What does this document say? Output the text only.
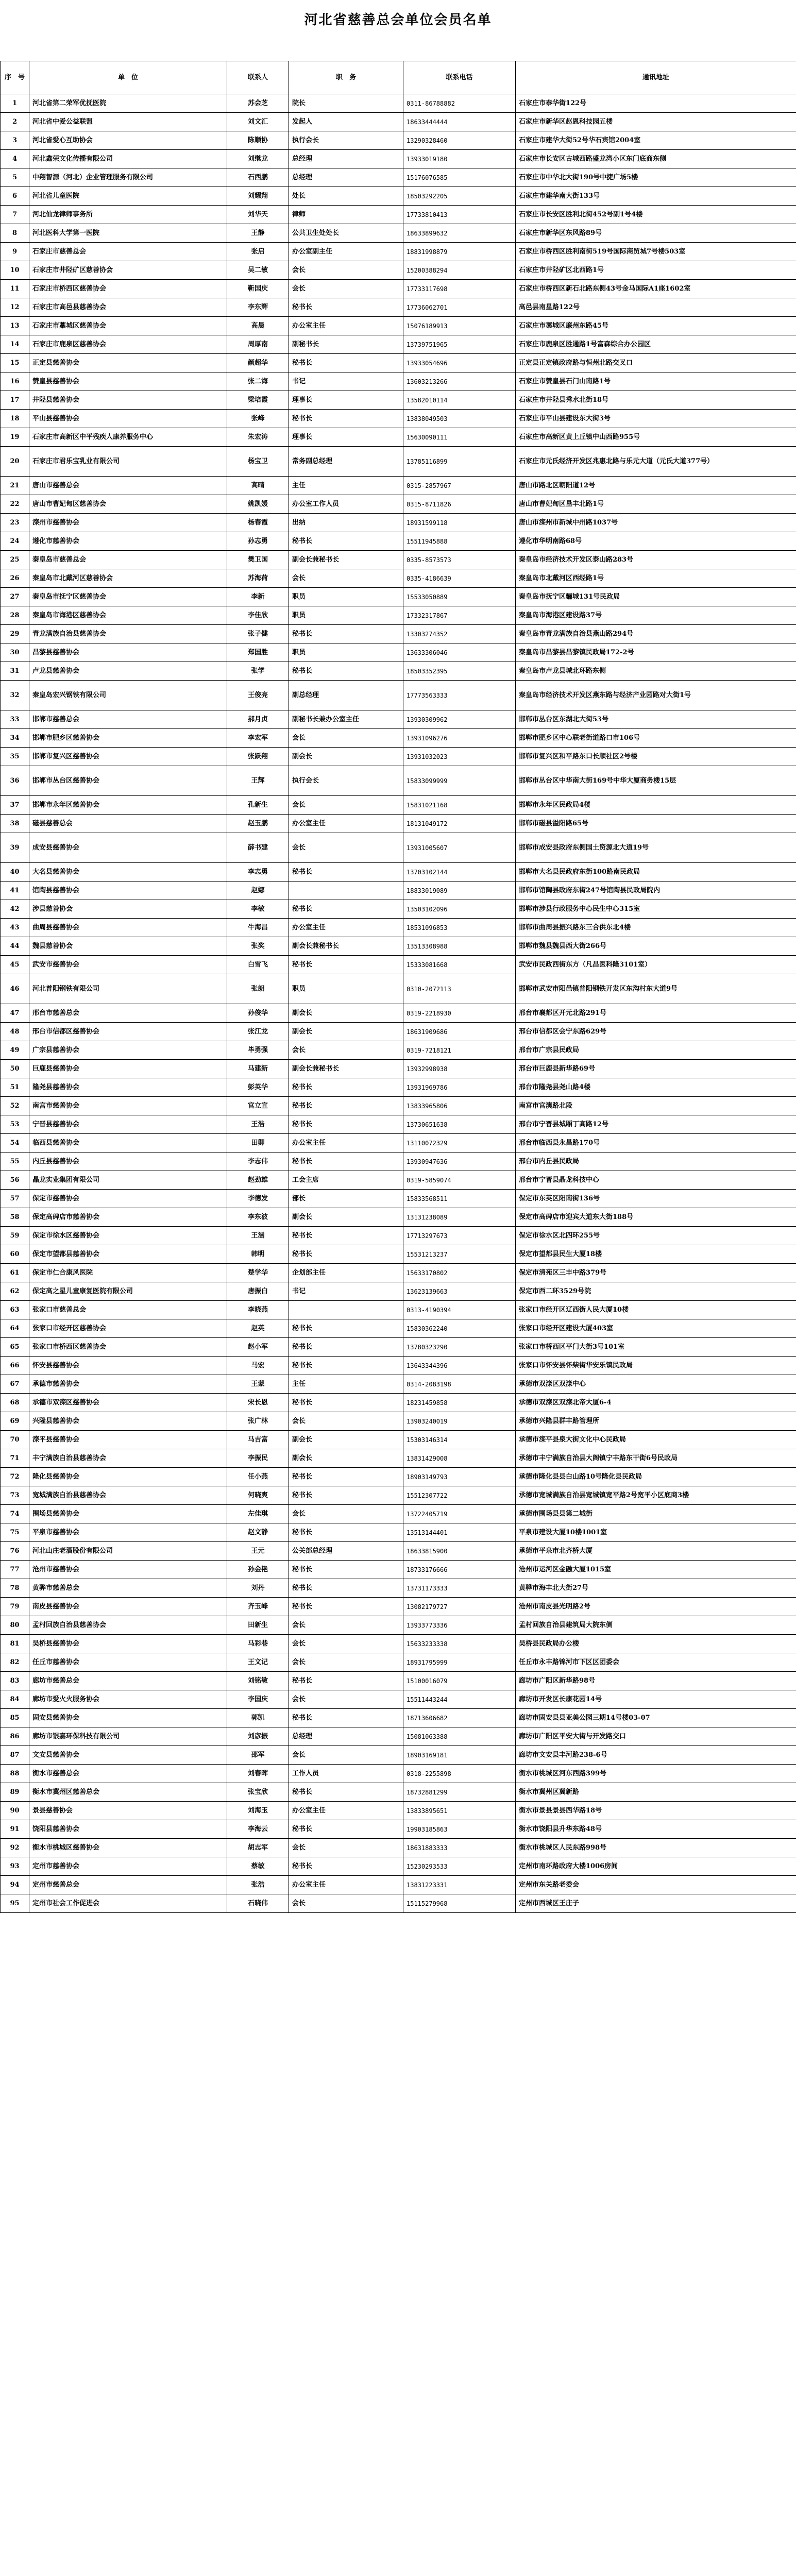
河北省慈善总会单位会员名单
序　号	单　位	联系人	职　务	联系电话	通讯地址
1	河北省第二荣军优抚医院	苏会芝	院长	0311-86788882	石家庄市泰华街122号
2	河北省中爱公益联盟	刘文汇	发起人	18633444444	石家庄市新华区赵恩科技园五楼
3	河北省爱心互助协会	陈顺协	执行会长	13290328460	石家庄市建华大街52号华石宾馆2004室
4	河北鑫荣文化传播有限公司	刘继龙	总经理	13933019180	石家庄市长安区古城西路盛龙湾小区东门底商东侧
5	中翔智源（河北）企业管理服务有限公司	石西鹏	总经理	15176076585	石家庄市中华北大街190号中捷广场5楼
6	河北省儿童医院	刘耀翔	处长	18503292205	石家庄市建华南大街133号
7	河北仙龙律师事务所	刘华天	律师	17733810413	石家庄市长安区胜利北街452号副1号4楼
8	河北医科大学第一医院	王静	公共卫生处处长	18633899632	石家庄市新华区东风路89号
9	石家庄市慈善总会	张启	办公室副主任	18831998879	石家庄市桥西区胜利南街519号国际商贸城7号楼503室
10	石家庄市井陉矿区慈善协会	吴二敏	会长	15200388294	石家庄市井陉矿区北西路1号
11	石家庄市桥西区慈善协会	靳国庆	会长	17733117698	石家庄市桥西区新石北路东侧43号金马国际A1座1602室
12	石家庄市高邑县慈善协会	李东辉	秘书长	17736062701	高邑县南星路122号
13	石家庄市藁城区慈善协会	高晨	办公室主任	15076189913	石家庄市藁城区廉州东路45号
14	石家庄市鹿泉区慈善协会	周厚南	副秘书长	13739751965	石家庄市鹿泉区胜通路1号富森综合办公园区
15	正定县慈善协会	颜超华	秘书长	13933054696	正定县正定镇政府路与恒州北路交叉口
16	赞皇县慈善协会	张二海	书记	13603213266	石家庄市赞皇县石门山南路1号
17	井陉县慈善协会	梁培霞	理事长	13582010114	石家庄市井陉县秀水北街18号
18	平山县慈善协会	张峰	秘书长	13838049503	石家庄市平山县建设东大街3号
19	石家庄市高新区中平残疾人康养服务中心	朱宏涛	理事长	15630090111	石家庄市高新区黄上丘镇中山西路955号
20	石家庄市君乐宝乳业有限公司	杨宝卫	常务副总经理	13785116899	石家庄市元氏经济开发区兆惠北路与乐元大道（元氏大道377号）
21	唐山市慈善总会	高晴	主任	0315-2857967	唐山市路北区朝阳道12号
22	唐山市曹妃甸区慈善协会	姚凯媛	办公室工作人员	0315-8711826	唐山市曹妃甸区垦丰北路1号
23	滦州市慈善协会	杨春霞	出纳	18931599118	唐山市滦州市新城中州路1037号
24	遵化市慈善协会	孙志勇	秘书长	15511945888	遵化市华明南路68号
25	秦皇岛市慈善总会	樊卫国	副会长兼秘书长	0335-8573573	秦皇岛市经济技术开发区泰山路283号
26	秦皇岛市北戴河区慈善协会	苏海荷	会长	0335-4186639	秦皇岛市北戴河区西经路1号
27	秦皇岛市抚宁区慈善协会	李新	职员	15533050889	秦皇岛市抚宁区骊城131号民政局
28	秦皇岛市海港区慈善协会	李佳欣	职员	17332317867	秦皇岛市海港区建设路37号
29	青龙满族自治县慈善协会	张子健	秘书长	13303274352	秦皇岛市青龙满族自治县燕山路294号
30	昌黎县慈善协会	郑国胜	职员	13633306046	秦皇岛市昌黎县昌黎镇民政局172-2号
31	卢龙县慈善协会	张学	秘书长	18503352395	秦皇岛市卢龙县城北环路东侧
32	秦皇岛宏兴钢铁有限公司	王俊亮	副总经理	17773563333	秦皇岛市经济技术开发区燕东路与经济产业园路对大街1号
33	邯郸市慈善总会	郝月贞	副秘书长兼办公室主任	13930309962	邯郸市丛台区东湖北大街53号
34	邯郸市肥乡区慈善协会	李宏军	会长	13931096276	邯郸市肥乡区中心联老街道路口市106号
35	邯郸市复兴区慈善协会	张跃翔	副会长	13931032023	邯郸市复兴区和平路东口长顺社区2号楼
36	邯郸市丛台区慈善协会	王辉	执行会长	15833099999	邯郸市丛台区中华南大街169号中华大厦商务楼15层
37	邯郸市永年区慈善协会	孔新生	会长	15831021168	邯郸市永年区民政局4楼
38	磁县慈善总会	赵玉鹏	办公室主任	18131049172	邯郸市磁县溢阳路65号
39	成安县慈善协会	薛书建	会长	13931005607	邯郸市成安县政府东侧国土资源北大道19号
40	大名县慈善协会	李志勇	秘书长	13703102144	邯郸市大名县民政府东街100路南民政局
41	馆陶县慈善协会	赵娜		18833019089	邯郸市馆陶县政府东街247号馆陶县民政局院内
42	涉县慈善协会	李敏	秘书长	13503102096	邯郸市涉县行政服务中心民生中心315室
43	曲周县慈善协会	牛海昌	办公室主任	18531096853	邯郸市曲周县振兴路东三合供东北4楼
44	魏县慈善协会	张奖	副会长兼秘书长	13513308988	邯郸市魏县魏县西大街266号
45	武安市慈善协会	白雪飞	秘书长	15333081668	武安市民政西街东方（凡昌医科隆3101室）
46	河北普阳钢铁有限公司	张朗	职员	0310-2072113	邯郸市武安市阳邑镇普阳钢铁开发区东沟村东大道9号
47	邢台市慈善总会	孙俊华	副会长	0319-2218930	邢台市襄都区开元北路291号
48	邢台市信都区慈善协会	张江龙	副会长	18631909686	邢台市信都区会宁东路629号
49	广宗县慈善协会	毕勇强	会长	0319-7218121	邢台市广宗县民政局
50	巨鹿县慈善协会	马建新	副会长兼秘书长	13932998938	邢台市巨鹿县新华路69号
51	隆尧县慈善协会	彭英华	秘书长	13931969786	邢台市隆尧县尧山路4楼
52	南宫市慈善协会	宫立宣	秘书长	13833965806	南宫市宫澳路北段
53	宁晋县慈善协会	王浩	秘书长	13730651638	邢台市宁晋县城厢丁高路12号
54	临西县慈善协会	田卿	办公室主任	13110072329	邢台市临西县永昌路170号
55	内丘县慈善协会	李志伟	秘书长	13930947636	邢台市内丘县民政局
56	晶龙实业集团有限公司	赵劲雄	工会主席	0319-5859074	邢台市宁晋县晶龙科技中心
57	保定市慈善协会	李德发	部长	15833568511	保定市东英区阳南街136号
58	保定高碑店市慈善协会	李东波	副会长	13131238089	保定市高碑店市迎宾大道东大街188号
59	保定市徐水区慈善协会	王涵	秘书长	17713297673	保定市徐水区北四环255号
60	保定市望都县慈善协会	韩明	秘书长	15531213237	保定市望都县民生大厦18楼
61	保定市仁合康风医院	楚学华	企划部主任	15633170802	保定市清苑区三丰中路379号
62	保定高之星儿童康复医院有限公司	唐振白	书记	13623139663	保定市西二环3529号院
63	张家口市慈善总会	李晓燕		0313-4190394	张家口市经开区辽西街人民大厦10楼
64	张家口市经开区慈善协会	赵英	秘书长	15830362240	张家口市经开区建设大厦403室
65	张家口市桥西区慈善协会	赵小军	秘书长	13780323290	张家口市桥西区平门大街3号101室
66	怀安县慈善协会	马宏	秘书长	13643344396	张家口市怀安县怀柴街华安乐镇民政局
67	承德市慈善协会	王蒙	主任	0314-2083198	承德市双滦区双滦中心
68	承德市双滦区慈善协会	宋长恩	秘书长	18231459858	承德市双滦区双滦北帝大厦6-4
69	兴隆县慈善协会	张广林	会长	13903240019	承德市兴隆县群丰路管理所
70	滦平县慈善协会	马吉富	副会长	15303146314	承德市滦平县泉大街文化中心民政局
71	丰宁满族自治县慈善协会	李振民	副会长	13831429008	承德市丰宁满族自治县大阁镇宁丰路东干街6号民政局
72	隆化县慈善协会	任小燕	秘书长	18903149793	承德市隆化县县白山路10号隆化县民政局
73	宽城满族自治县慈善协会	何晓爽	秘书长	15512307722	承德市宽城满族自治县宽城镇宽平路2号宽平小区底商3楼
74	围场县慈善协会	左佳琪	会长	13722405719	承德市围场县县第二城街
75	平泉市慈善协会	赵文静	秘书长	13513144401	平泉市建设大厦10楼1001室
76	河北山庄老酒股份有限公司	王元	公关部总经理	18633815900	承德市平泉市北齐桥大厦
77	沧州市慈善协会	孙金艳	秘书长	18733176666	沧州市运河区金融大厦1015室
78	黄骅市慈善总会	刘丹	秘书长	13731173333	黄骅市海丰北大街27号
79	南皮县慈善协会	齐玉峰	秘书长	13082179727	沧州市南皮县光明路2号
80	孟村回族自治县慈善协会	田新生	会长	13933773336	孟村回族自治县建筑局大院东侧
81	吴桥县慈善协会	马彩巷	会长	15633233338	吴桥县民政局办公楼
82	任丘市慈善协会	王文记	会长	18931795999	任丘市永丰路锦河市下区区团委会
83	廊坊市慈善总会	刘铭敏	秘书长	15100016079	廊坊市广阳区新华路98号
84	廊坊市爱火火服务协会	李国庆	会长	15511443244	廊坊市开发区长康花园14号
85	固安县慈善协会	郭凯	秘书长	18713606682	廊坊市固安县县亚美公园三期14号楼03-07
86	廊坊市银嘉环保科技有限公司	刘彦振	总经理	15081063388	廊坊市广阳区平安大街与开发路交口
87	文安县慈善协会	邵军	会长	18903169181	廊坊市文安县丰河路238-6号
88	衡水市慈善总会	刘春晖	工作人员	0318-2255898	衡水市桃城区河东西路399号
89	衡水市冀州区慈善总会	张宝欣	秘书长	18732881299	衡水市冀州区冀新路
90	景县慈善协会	刘海玉	办公室主任	13833895651	衡水市景县景县西华路18号
91	饶阳县慈善协会	李海云	秘书长	19903185863	衡水市饶阳县升华东路48号
92	衡水市桃城区慈善协会	胡志军	会长	18631883333	衡水市桃城区人民东路998号
93	定州市慈善协会	蔡敏	秘书长	15230293533	定州市南环路政府大楼1006房间
94	定州市慈善总会	张浩	办公室主任	13831223331	定州市东关路老委会
95	定州市社会工作促进会	石晓伟	会长	15115279968	定州市西城区王庄子
